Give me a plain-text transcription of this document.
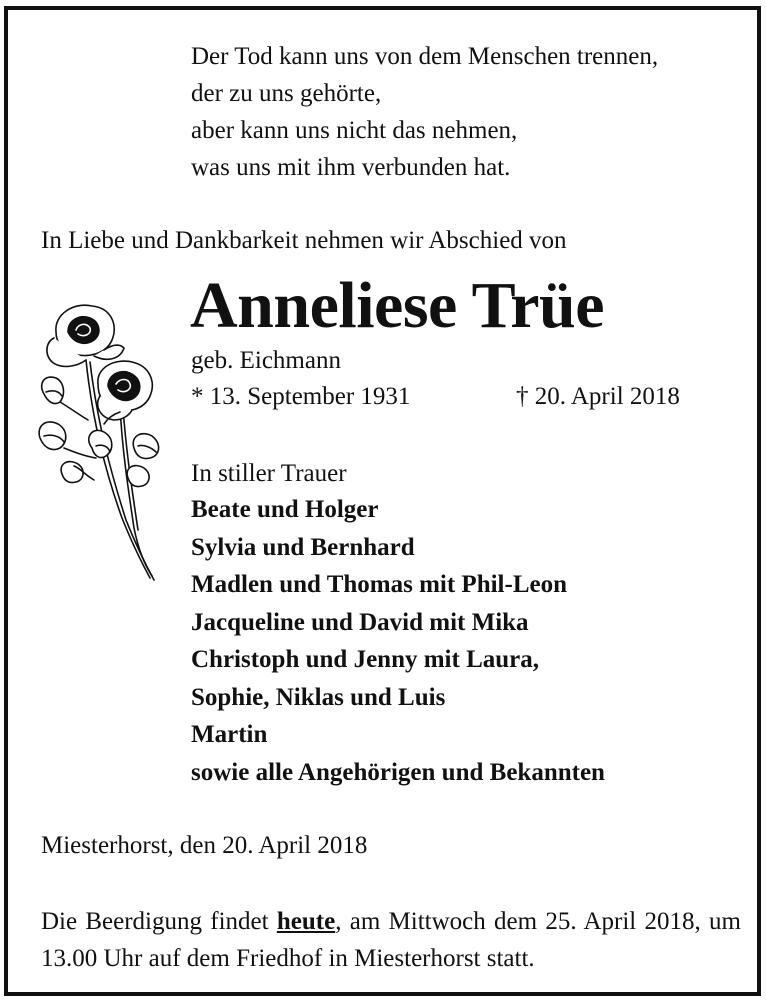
Der Tod kann uns von dem Menschen trennen,
der zu uns gehörte,
aber kann uns nicht das nehmen,
was uns mit ihm verbunden hat.
In Liebe und Dankbarkeit nehmen wir Abschied von
Anneliese Trüe
geb. Eichmann
* 13. September 1931	† 20. April 2018
In stiller Trauer
Beate und Holger
Sylvia und Bernhard
Madlen und Thomas mit Phil-Leon
Jacqueline und David mit Mika
Christoph und Jenny mit Laura,
Sophie, Niklas und Luis
Martin
sowie alle Angehörigen und Bekannten
Miesterhorst, den 20. April 2018
Die Beerdigung findet heute, am Mittwoch dem 25. April 2018, um 13.00 Uhr auf dem Friedhof in Miesterhorst statt.
